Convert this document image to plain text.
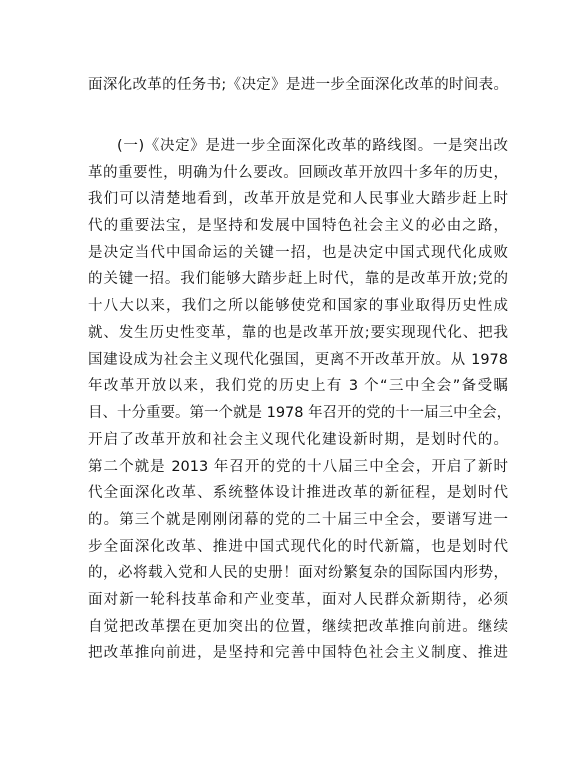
面深化改革的任务书;《决定》是进一步全面深化改革的时间表。
(一)《决定》是进一步全面深化改革的路线图。一是突出改
革的重要性，明确为什么要改。回顾改革开放四十多年的历史，
我们可以清楚地看到，改革开放是党和人民事业大踏步赶上时
代的重要法宝，是坚持和发展中国特色社会主义的必由之路，
是决定当代中国命运的关键一招，也是决定中国式现代化成败
的关键一招。我们能够大踏步赶上时代，靠的是改革开放;党的
十八大以来，我们之所以能够使党和国家的事业取得历史性成
就、发生历史性变革，靠的也是改革开放;要实现现代化、把我
国建设成为社会主义现代化强国，更离不开改革开放。从 1978
年改革开放以来，我们党的历史上有 3 个“三中全会”备受瞩
目、十分重要。第一个就是 1978 年召开的党的十一届三中全会，
开启了改革开放和社会主义现代化建设新时期，是划时代的。
第二个就是 2013 年召开的党的十八届三中全会，开启了新时
代全面深化改革、系统整体设计推进改革的新征程，是划时代
的。第三个就是刚刚闭幕的党的二十届三中全会，要谱写进一
步全面深化改革、推进中国式现代化的时代新篇，也是划时代
的，必将载入党和人民的史册！面对纷繁复杂的国际国内形势，
面对新一轮科技革命和产业变革，面对人民群众新期待，必须
自觉把改革摆在更加突出的位置，继续把改革推向前进。继续
把改革推向前进，是坚持和完善中国特色社会主义制度、推进
